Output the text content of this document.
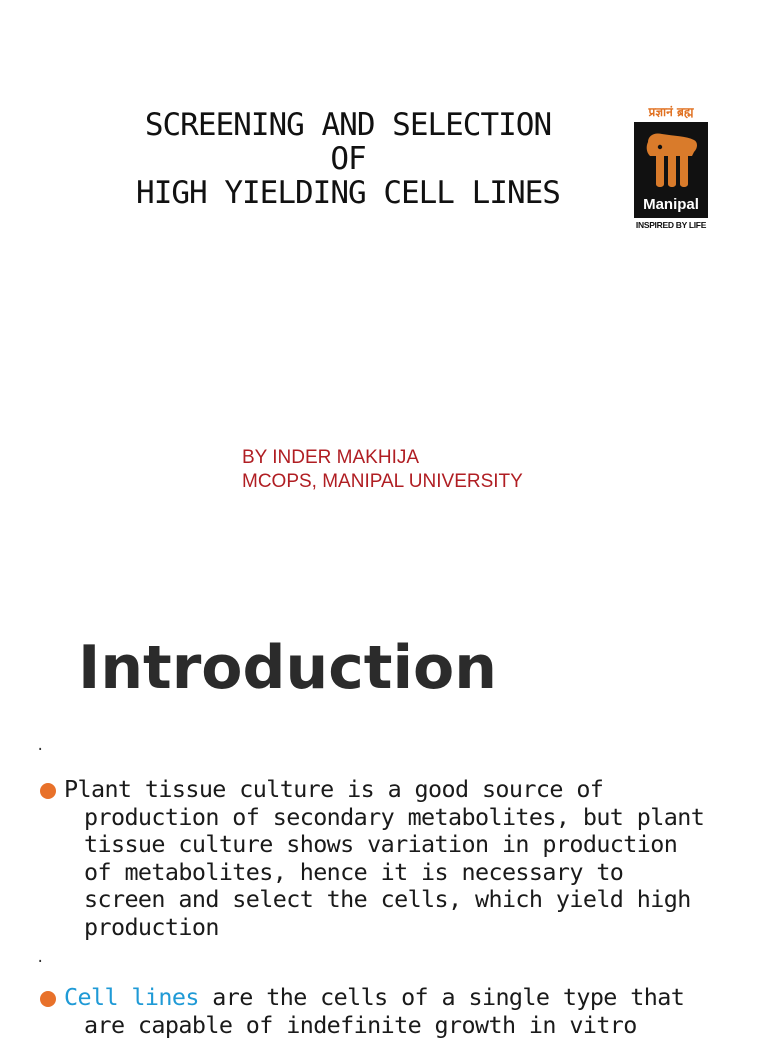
SCREENING AND SELECTION
OF
HIGH YIELDING CELL LINES
प्रज्ञानं ब्रह्म
Manipal
INSPIRED BY LIFE
BY INDER MAKHIJA
MCOPS, MANIPAL UNIVERSITY
Introduction
.
Plant tissue culture is a good source of
production of secondary metabolites, but plant
tissue culture shows variation in production
of metabolites, hence it is necessary to
screen and select the cells, which yield high
production
.
Cell lines are the cells of a single type that
are capable of indefinite growth in vitro
